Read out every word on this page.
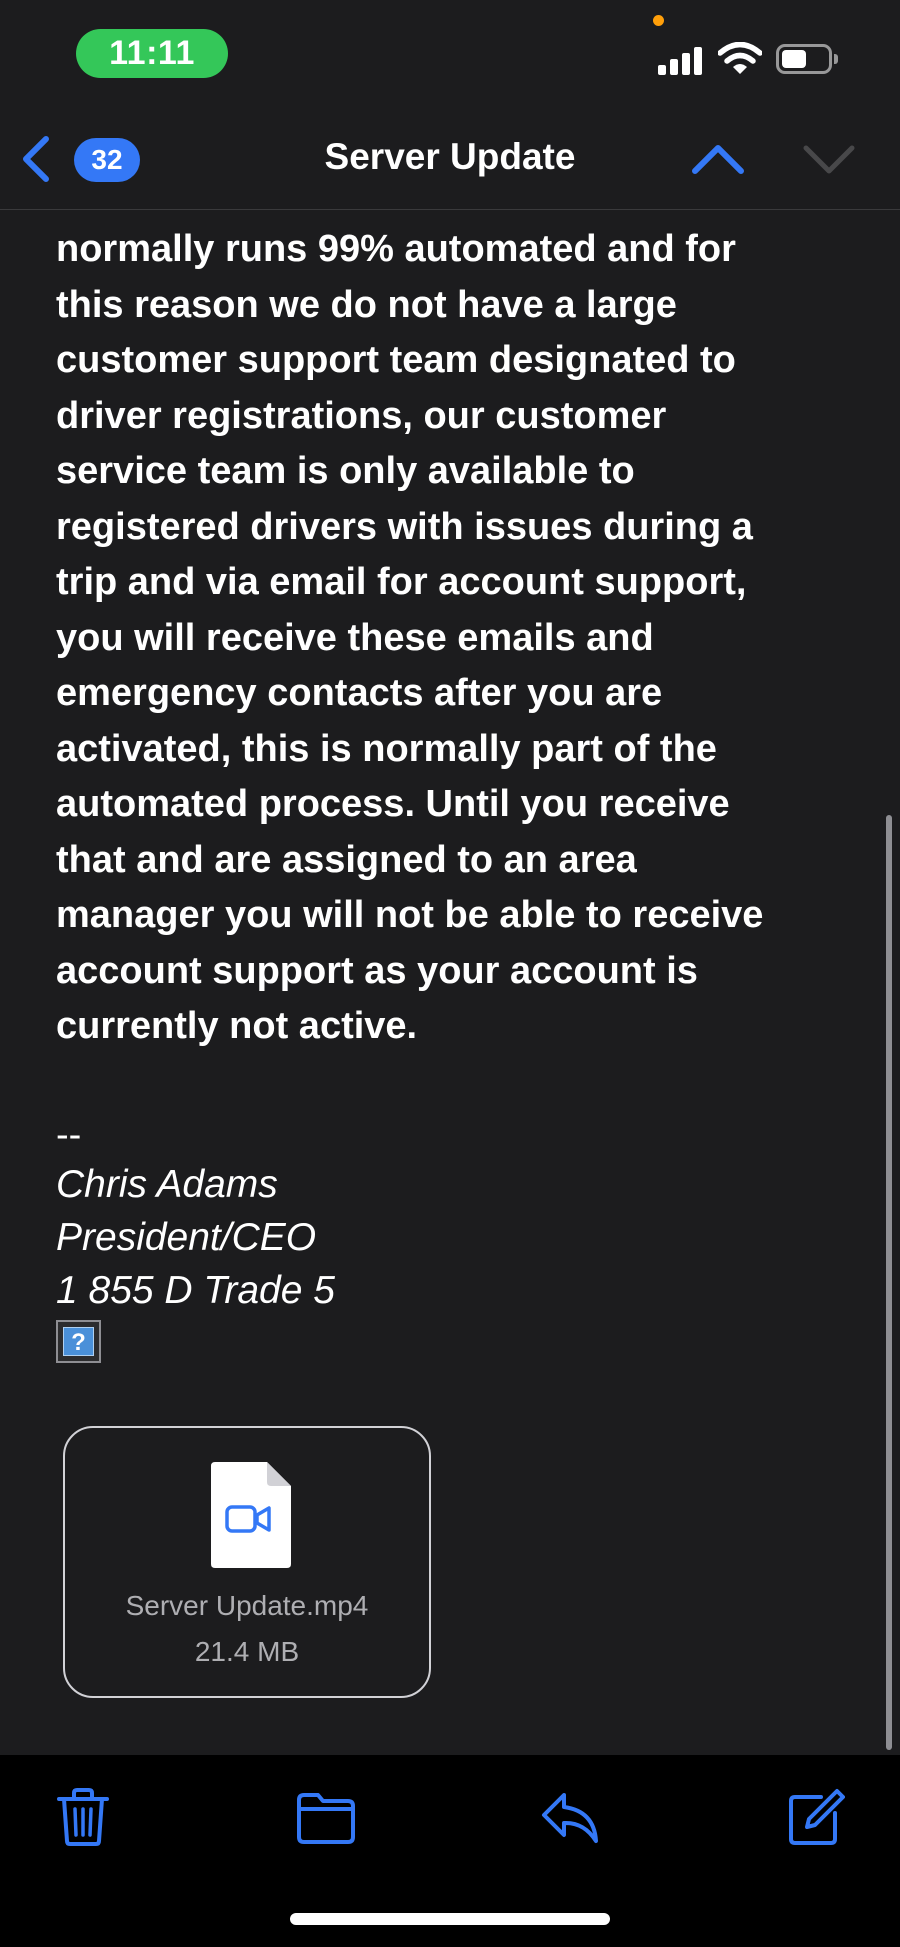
11:11
32	Server Update
normally runs 99% automated and for
this reason we do not have a large
customer support team designated to
driver registrations, our customer
service team is only available to
registered drivers with issues during a
trip and via email for account support,
you will receive these emails and
emergency contacts after you are
activated, this is normally part of the
automated process. Until you receive
that and are assigned to an area
manager you will not be able to receive
account support as your account is
currently not active.
--
Chris Adams
President/CEO
1 855 D Trade 5
?
Server Update.mp4
21.4 MB
